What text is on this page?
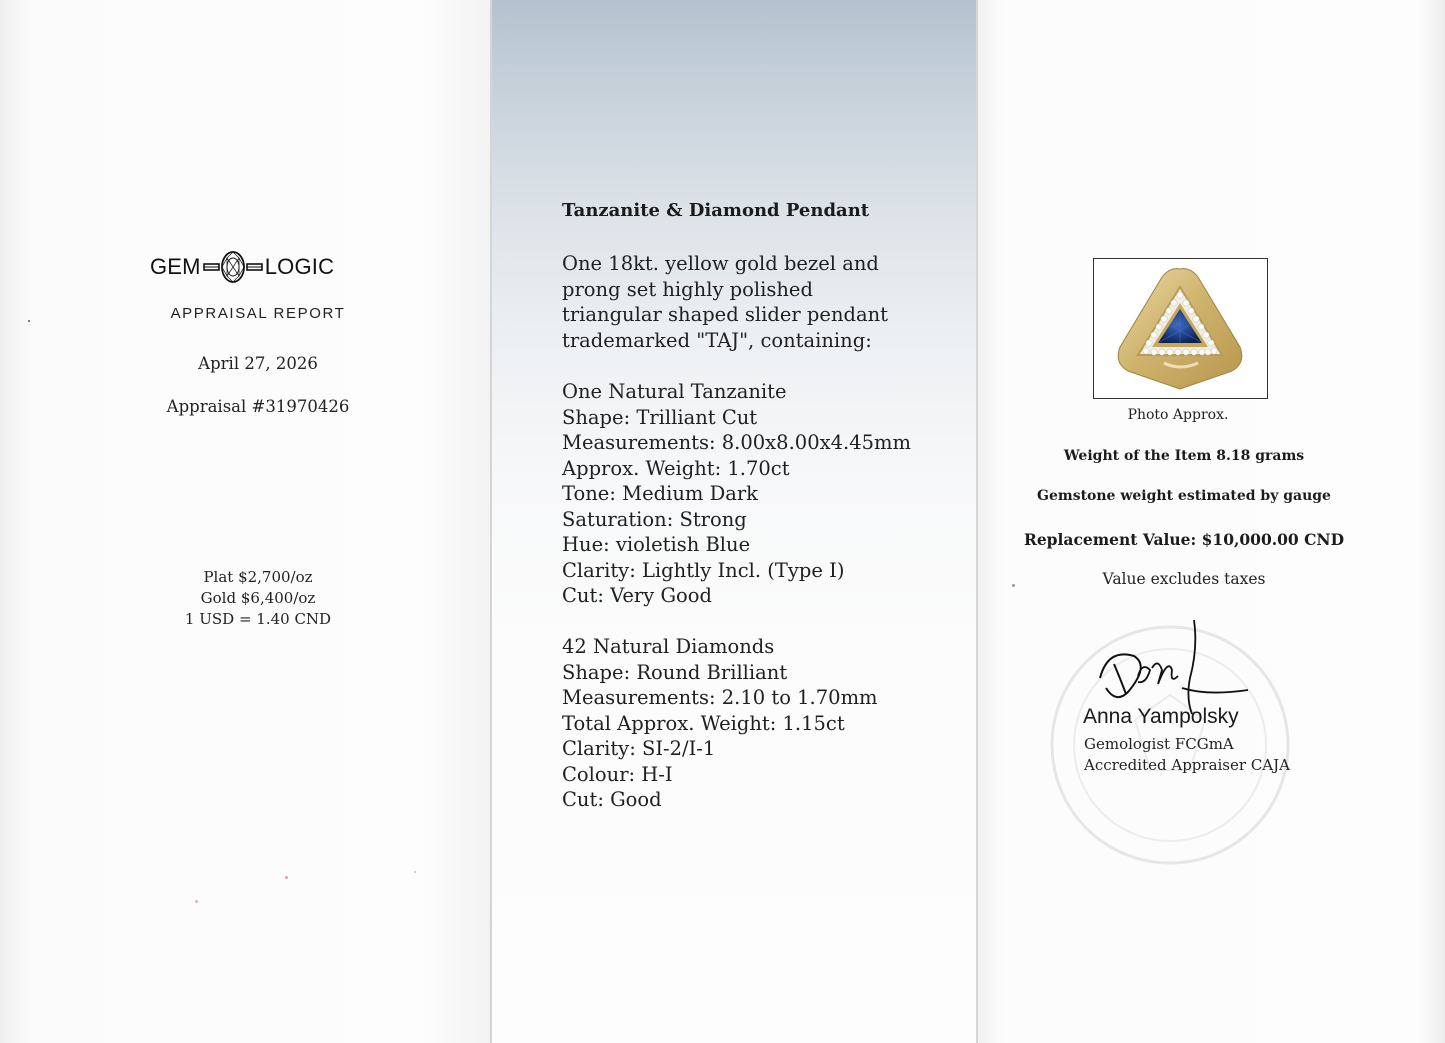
GEM	LOGIC
APPRAISAL REPORT
April 27, 2026
Appraisal #31970426
Plat $2,700/oz
Gold $6,400/oz
1 USD = 1.40 CND
Tanzanite & Diamond Pendant
One 18kt. yellow gold bezel and
prong set highly polished
triangular shaped slider pendant
trademarked "TAJ", containing:
One Natural Tanzanite
Shape: Trilliant Cut
Measurements: 8.00x8.00x4.45mm
Approx. Weight: 1.70ct
Tone: Medium Dark
Saturation: Strong
Hue: violetish Blue
Clarity: Lightly Incl. (Type I)
Cut: Very Good
42 Natural Diamonds
Shape: Round Brilliant
Measurements: 2.10 to 1.70mm
Total Approx. Weight: 1.15ct
Clarity: SI-2/I-1
Colour: H-I
Cut: Good
Photo Approx.
Weight of the Item 8.18 grams
Gemstone weight estimated by gauge
Replacement Value: $10,000.00 CND
Value excludes taxes
Anna Yampolsky
Gemologist FCGmA
Accredited Appraiser CAJA
